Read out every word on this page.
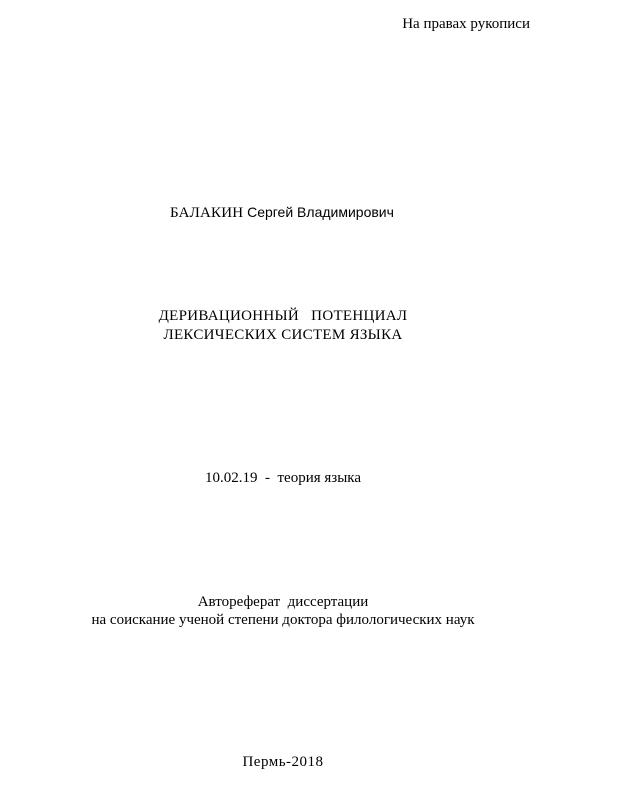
На правах рукописи
БАЛАКИН Сергей Владимирович
ДЕРИВАЦИОННЫЙ   ПОТЕНЦИАЛ
ЛЕКСИЧЕСКИХ СИСТЕМ ЯЗЫКА
10.02.19  -  теория языка
Автореферат  диссертации
на соискание ученой степени доктора филологических наук
Пермь-2018
